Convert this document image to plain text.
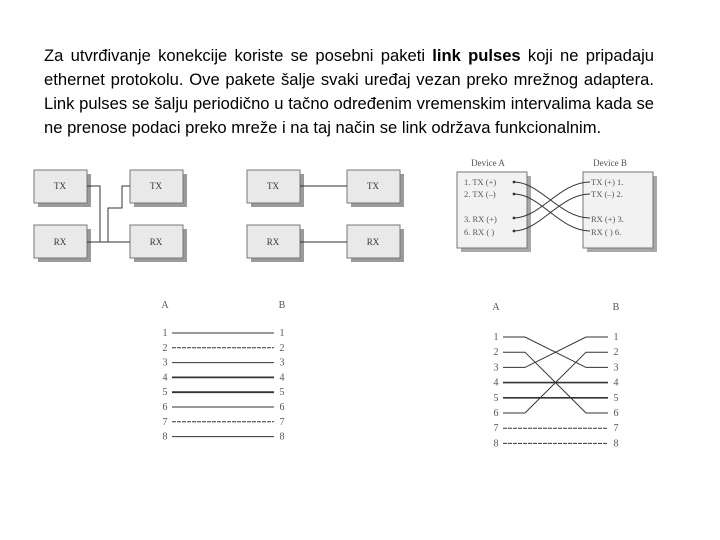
Za utvrđivanje konekcije koriste se posebni paketi link pulses koji ne pripadaju ethernet protokolu. Ove pakete šalje svaki uređaj vezan preko mrežnog adaptera. Link pulses se šalju periodično u tačno određenim vremenskim intervalima kada se ne prenose podaci preko mreže i na taj način se link održava funkcionalnim.
TX	TX
RX	RX
TX	TX
RX	RX
Device A	Device B
1. TX (+)
2. TX (–)
3. RX (+)
6. RX ( )
TX (+) 1.
TX (–) 2.
RX (+) 3.
RX ( ) 6.
A	B
1	1
2	2
3	3
4	4
5	5
6	6
7	7
8	8
A	B
1	1
2	2
3	3
4	4
5	5
6	6
7	7
8	8
